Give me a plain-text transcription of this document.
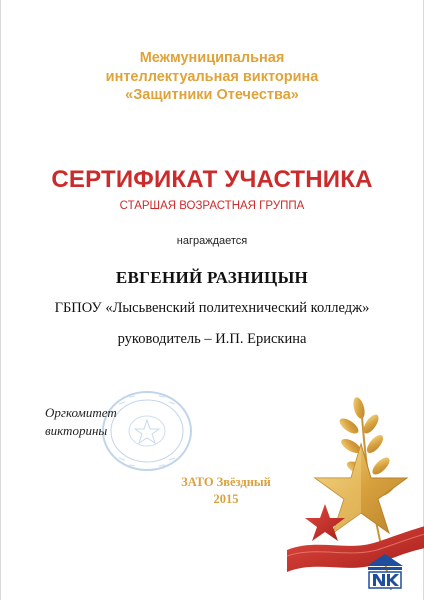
Межмуниципальная
интеллектуальная викторина
«Защитники Отечества»
СЕРТИФИКАТ УЧАСТНИКА
СТАРШАЯ ВОЗРАСТНАЯ ГРУППА
награждается
ЕВГЕНИЙ РАЗНИЦЫН
ГБПОУ «Лысьвенский политехнический колледж»
руководитель – И.П. Ерискина
Оргкомитет
викторины
ЗАТО Звёздный
2015
